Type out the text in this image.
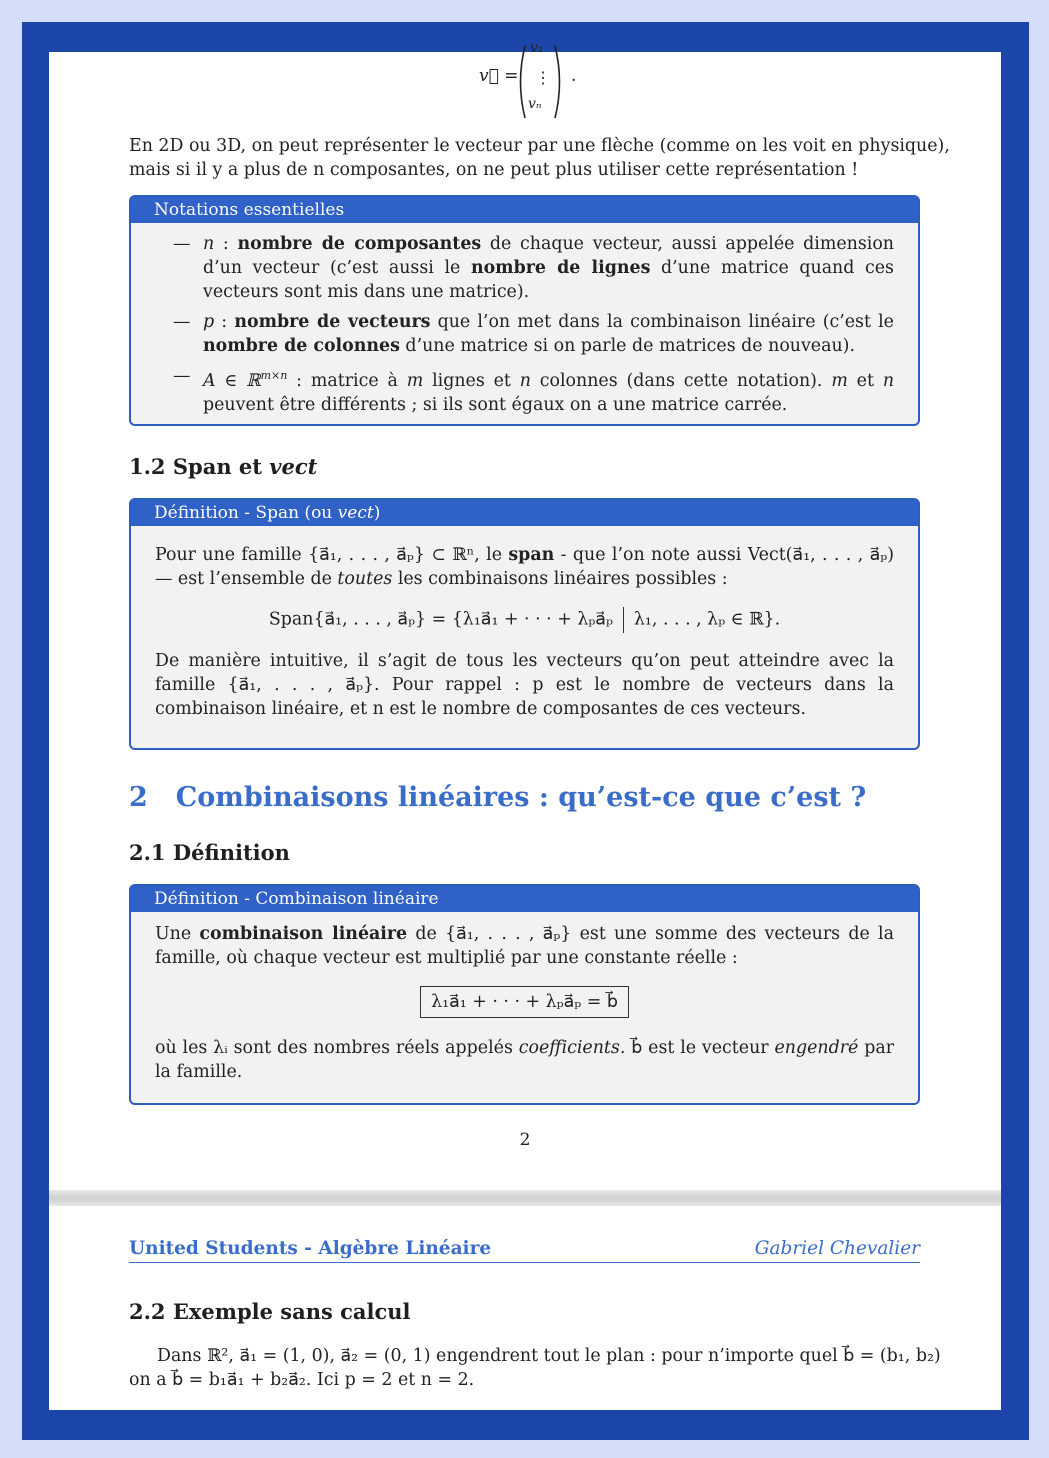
v⃗ =
v₁
⋮
vₙ
.
En 2D ou 3D, on peut représenter le vecteur par une flèche (comme on les voit en physique),
mais si il y a plus de n composantes, on ne peut plus utiliser cette représentation !
Notations essentielles
— n : nombre de composantes de chaque vecteur, aussi appelée dimension d’un vecteur (c’est aussi le nombre de lignes d’une matrice quand ces vecteurs sont mis dans une matrice).
— p : nombre de vecteurs que l’on met dans la combinaison linéaire (c’est le nombre de colonnes d’une matrice si on parle de matrices de nouveau).
— A ∈ ℝ$^{m\times n}$ : matrice à m lignes et n colonnes (dans cette notation). m et n peuvent être différents ; si ils sont égaux on a une matrice carrée.
1.2 Span et vect
Définition - Span (ou vect)
Pour une famille {a⃗₁, . . . , a⃗ₚ} ⊂ ℝⁿ, le span - que l’on note aussi Vect(a⃗₁, . . . , a⃗ₚ) — est l’ensemble de toutes les combinaisons linéaires possibles :
Span{a⃗₁, . . . , a⃗ₚ} = {λ₁a⃗₁ + · · · + λₚa⃗ₚ λ₁, . . . , λₚ ∈ ℝ}.
De manière intuitive, il s’agit de tous les vecteurs qu’on peut atteindre avec la famille {a⃗₁, . . . , a⃗ₚ}. Pour rappel : p est le nombre de vecteurs dans la combinaison linéaire, et n est le nombre de composantes de ces vecteurs.
2 Combinaisons linéaires : qu’est-ce que c’est ?
2.1 Définition
Définition - Combinaison linéaire
Une combinaison linéaire de {a⃗₁, . . . , a⃗ₚ} est une somme des vecteurs de la famille, où chaque vecteur est multiplié par une constante réelle :
λ₁a⃗₁ + · · · + λₚa⃗ₚ = b⃗
où les λᵢ sont des nombres réels appelés coefficients. b⃗ est le vecteur engendré par la famille.
2
United Students - Algèbre Linéaire	Gabriel Chevalier
2.2 Exemple sans calcul
Dans ℝ², a⃗₁ = (1, 0), a⃗₂ = (0, 1) engendrent tout le plan : pour n’importe quel b⃗ = (b₁, b₂)
on a b⃗ = b₁a⃗₁ + b₂a⃗₂. Ici p = 2 et n = 2.
